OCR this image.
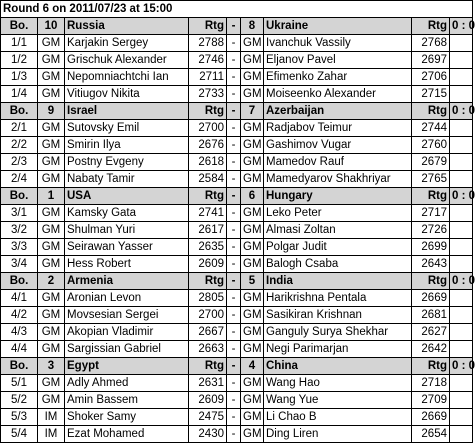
Round 6 on 2011/07/23 at 15:00								
Bo.	10	Russia	Rtg	-	8	Ukraine	Rtg	0 : 0
1/1	GM	Karjakin Sergey	2788	-	GM	Ivanchuk Vassily	2768	
1/2	GM	Grischuk Alexander	2746	-	GM	Eljanov Pavel	2697	
1/3	GM	Nepomniachtchi Ian	2711	-	GM	Efimenko Zahar	2706	
1/4	GM	Vitiugov Nikita	2733	-	GM	Moiseenko Alexander	2715	
Bo.	9	Israel	Rtg	-	7	Azerbaijan	Rtg	0 : 0
2/1	GM	Sutovsky Emil	2700	-	GM	Radjabov Teimur	2744	
2/2	GM	Smirin Ilya	2676	-	GM	Gashimov Vugar	2760	
2/3	GM	Postny Evgeny	2618	-	GM	Mamedov Rauf	2679	
2/4	GM	Nabaty Tamir	2584	-	GM	Mamedyarov Shakhriyar	2765	
Bo.	1	USA	Rtg	-	6	Hungary	Rtg	0 : 0
3/1	GM	Kamsky Gata	2741	-	GM	Leko Peter	2717	
3/2	GM	Shulman Yuri	2617	-	GM	Almasi Zoltan	2726	
3/3	GM	Seirawan Yasser	2635	-	GM	Polgar Judit	2699	
3/4	GM	Hess Robert	2609	-	GM	Balogh Csaba	2643	
Bo.	2	Armenia	Rtg	-	5	India	Rtg	0 : 0
4/1	GM	Aronian Levon	2805	-	GM	Harikrishna Pentala	2669	
4/2	GM	Movsesian Sergei	2700	-	GM	Sasikiran Krishnan	2681	
4/3	GM	Akopian Vladimir	2667	-	GM	Ganguly Surya Shekhar	2627	
4/4	GM	Sargissian Gabriel	2663	-	GM	Negi Parimarjan	2642	
Bo.	3	Egypt	Rtg	-	4	China	Rtg	0 : 0
5/1	GM	Adly Ahmed	2631	-	GM	Wang Hao	2718	
5/2	GM	Amin Bassem	2609	-	GM	Wang Yue	2709	
5/3	IM	Shoker Samy	2475	-	GM	Li Chao B	2669	
5/4	IM	Ezat Mohamed	2430	-	GM	Ding Liren	2654	
